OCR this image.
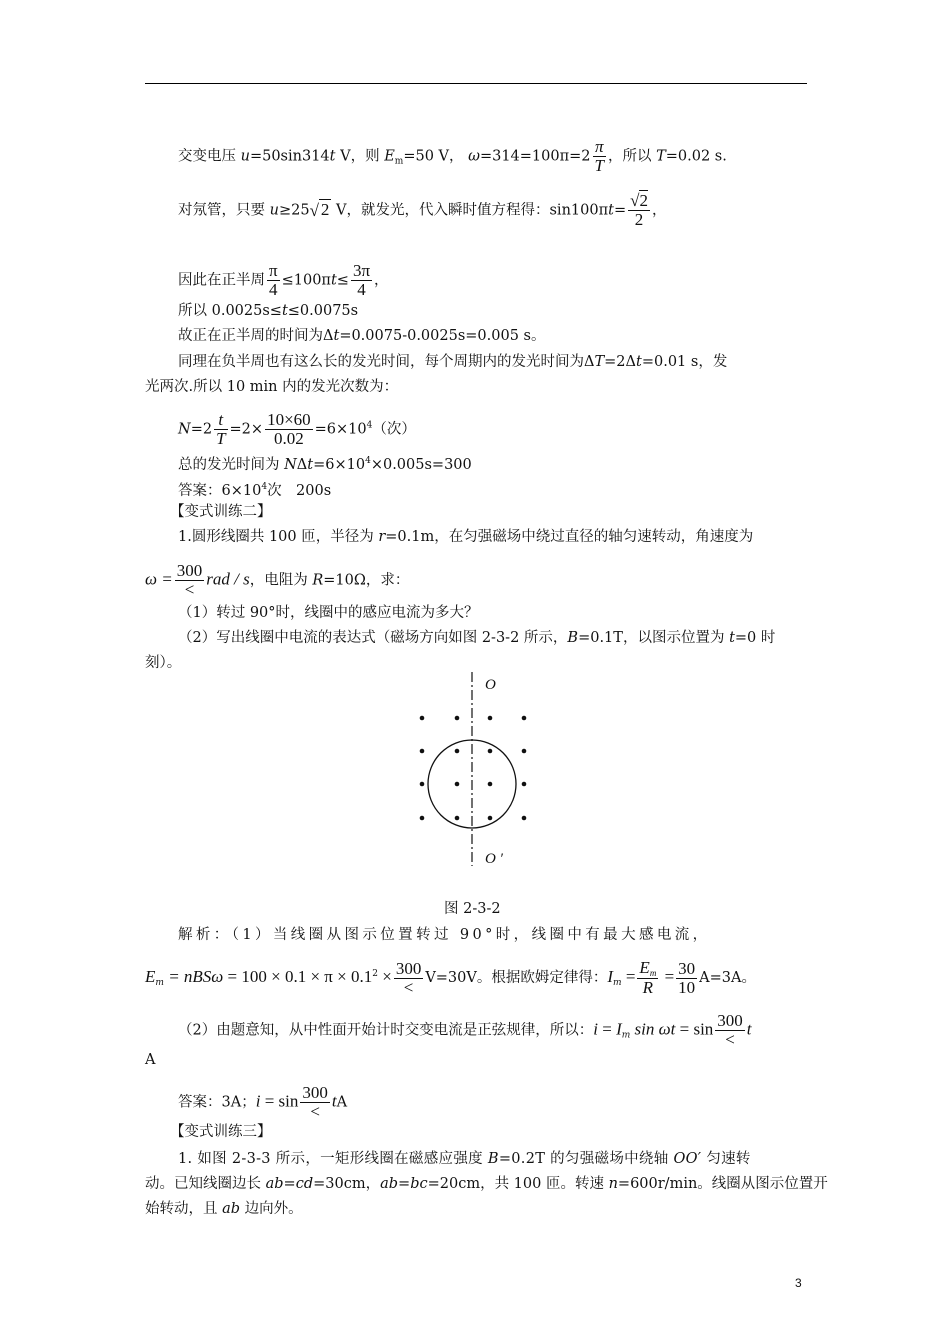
交变电压 u=50sin314t V，则 $E_m=50$ V， $\omega=314=100\pi=2 \frac{\pi}{T}$ ，所以 T=0.02 s.
对氖管，只要 u≥25√ 2 V，就发光，代入瞬时值方程得：$\sin 100\pi t= \frac{√2}{2}$ ，
因此在正半周 $\frac{\pi}{4} \le 100\pi t\le \frac{3\pi}{4}$ ，
所以 0.0025s≤t≤0.0075s
故正在正半周的时间为Δt=0.0075-0.0025s=0.005 s。
同理在负半周也有这么长的发光时间，每个周期内的发光时间为ΔT=2Δt=0.01 s，发
光两次.所以 10 min 内的发光次数为：
$N=2 \frac{t}{T} =2\times \frac{10\times 60}{0.02} =6\times 10^4$（次）
总的发光时间为 $N\Delta t=6\times 10^4\times 0.005s=300$
答案：$6\times 10^4$次　200s
【变式训练二】
1.圆形线圈共 100 匝，半径为 r=0.1m，在匀强磁场中绕过直径的轴匀速转动，角速度为
ω = 300
<
rad / s，电阻为 R=10Ω，求：
（1）转过 90°时，线圈中的感应电流为多大？
（2）写出线圈中电流的表达式（磁场方向如图 2-3-2 所示，B=0.1T，以图示位置为 t=0 时
刻）。
O
O ′
图 2-3-2
解析：（1）当线圈从图示位置转过 90°时，线圈中有最大感电流，
$E_m = nBS\omega = 100 \times 0.1 \times \pi \times 0.1^2 \times 300$
< V=30V。根据欧姆定律得：$I_m = \frac{E_m}{R} = \frac{30}{10} A=3A$。
（2）由题意知，从中性面开始计时交变电流是正弦规律，所以：$i = I_m$ sin ωt = sin 300
<
t
A
答案：3A；i = sin 300
<
tA
【变式训练三】
1. 如图 2-3-3 所示，一矩形线圈在磁感应强度 B=0.2T 的匀强磁场中绕轴 OO′ 匀速转
动。已知线圈边长 ab=cd=30cm，ab=bc=20cm，共 100 匝。转速 n=600r/min。线圈从图示位置开
始转动，且 ab 边向外。
3
